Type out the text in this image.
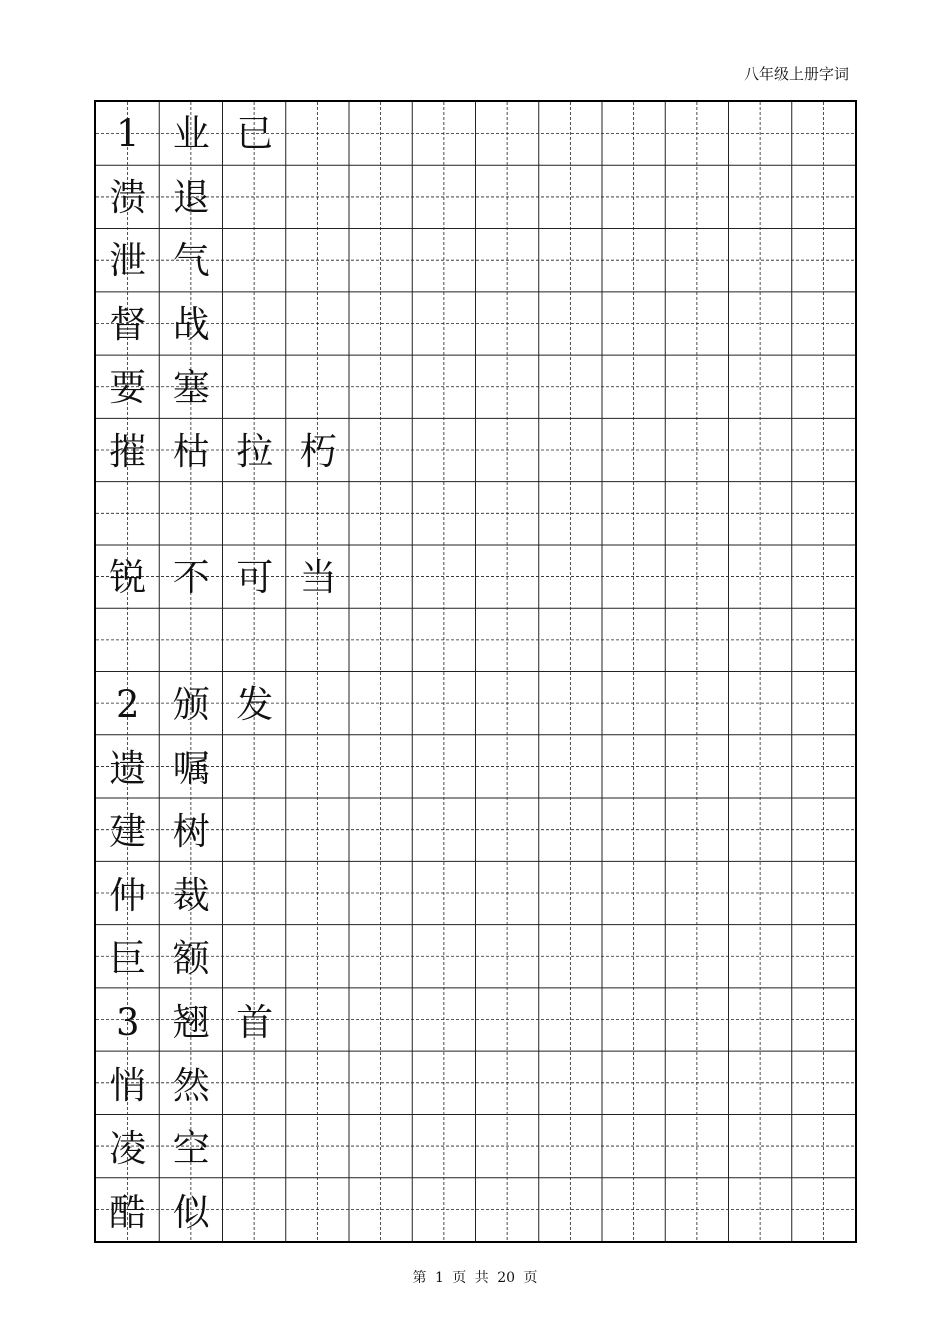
八年级上册字词
1 业 已
溃 退
泄 气
督 战
要 塞
摧 枯 拉 朽
锐 不 可 当
2 颁 发
遗 嘱
建 树
仲 裁
巨 额
3 翘 首
悄 然
凌 空
酷 似
第 1 页 共 20 页
